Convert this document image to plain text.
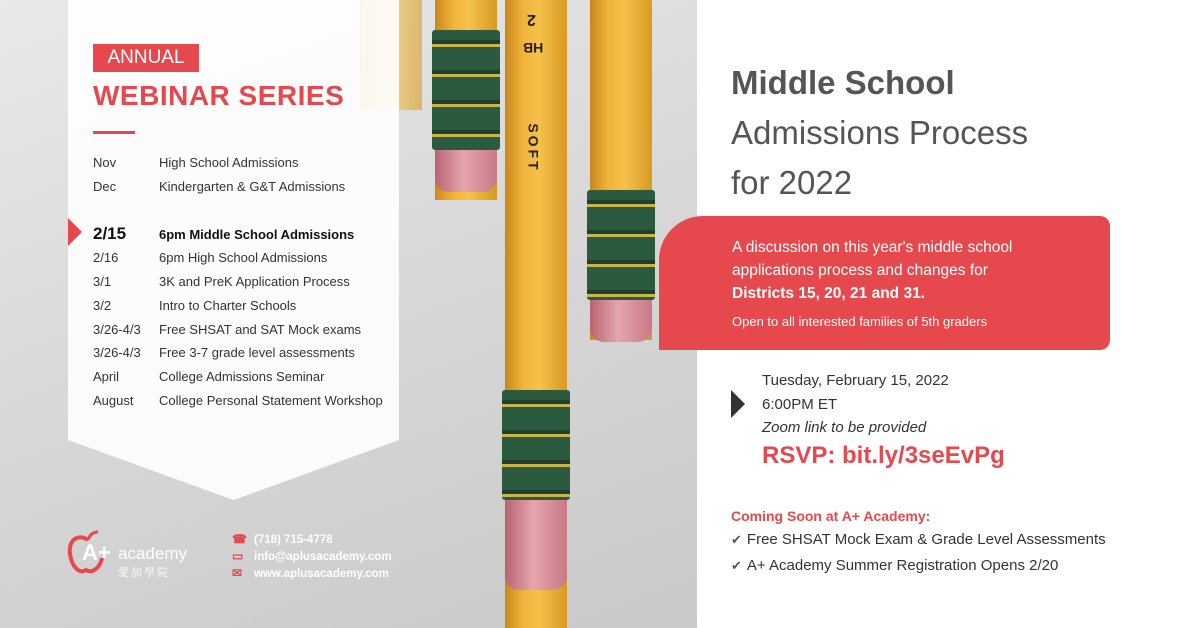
2
HB
SOFT
ANNUAL
WEBINAR SERIES
Nov	High School Admissions
Dec	Kindergarten & G&T Admissions
2/15	6pm Middle School Admissions
2/16	6pm High School Admissions
3/1	3K and PreK Application Process
3/2	Intro to Charter Schools
3/26-4/3	Free SHSAT and SAT Mock exams
3/26-4/3	Free 3-7 grade level assessments
April	College Admissions Seminar
August	College Personal Statement Workshop
A+ academy
愛加學院
☎ (718) 715-4778
▭ info@aplusacademy.com
✉ www.aplusacademy.com
Middle School
Admissions Process
for 2022
A discussion on this year's middle school
applications process and changes for
Districts 15, 20, 21 and 31.
Open to all interested families of 5th graders
Tuesday, February 15, 2022
6:00PM ET
Zoom link to be provided
RSVP: bit.ly/3seEvPg
Coming Soon at A+ Academy:
✔ Free SHSAT Mock Exam & Grade Level Assessments
✔ A+ Academy Summer Registration Opens 2/20
